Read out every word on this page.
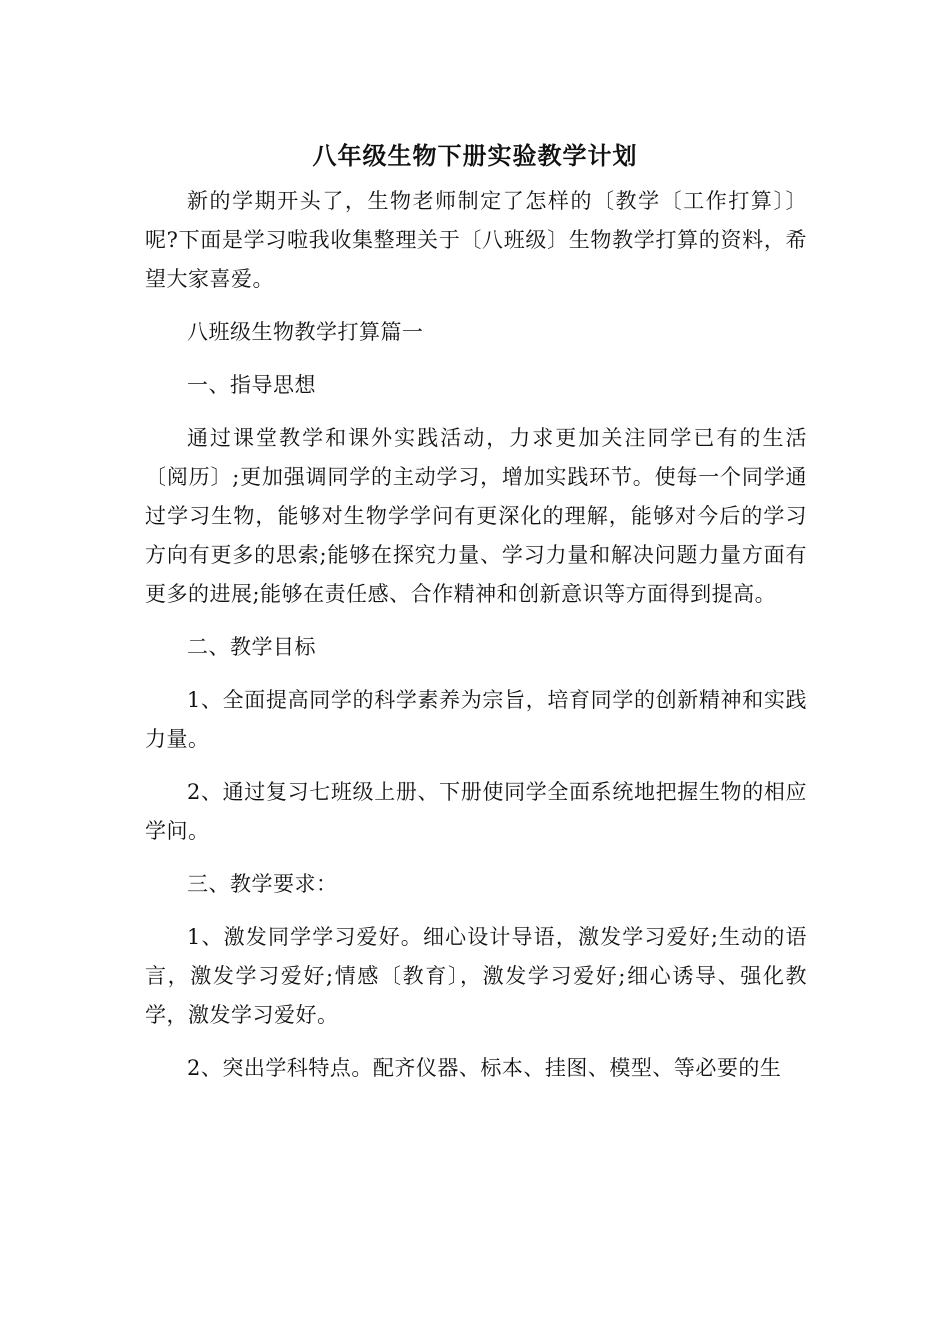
八年级生物下册实验教学计划

新的学期开头了，生物老师制定了怎样的〔教学〔工作打算〕〕呢?下面是学习啦我收集整理关于〔八班级〕生物教学打算的资料，希望大家喜爱。

八班级生物教学打算篇一

一、指导思想

通过课堂教学和课外实践活动，力求更加关注同学已有的生活〔阅历〕;更加强调同学的主动学习，增加实践环节。使每一个同学通过学习生物，能够对生物学学问有更深化的理解，能够对今后的学习方向有更多的思索;能够在探究力量、学习力量和解决问题力量方面有更多的进展;能够在责任感、合作精神和创新意识等方面得到提高。

二、教学目标

1、全面提高同学的科学素养为宗旨，培育同学的创新精神和实践力量。

2、通过复习七班级上册、下册使同学全面系统地把握生物的相应学问。

三、教学要求：

1、激发同学学习爱好。细心设计导语，激发学习爱好;生动的语言，激发学习爱好;情感〔教育〕，激发学习爱好;细心诱导、强化教学，激发学习爱好。

2、突出学科特点。配齐仪器、标本、挂图、模型、等必要的生
